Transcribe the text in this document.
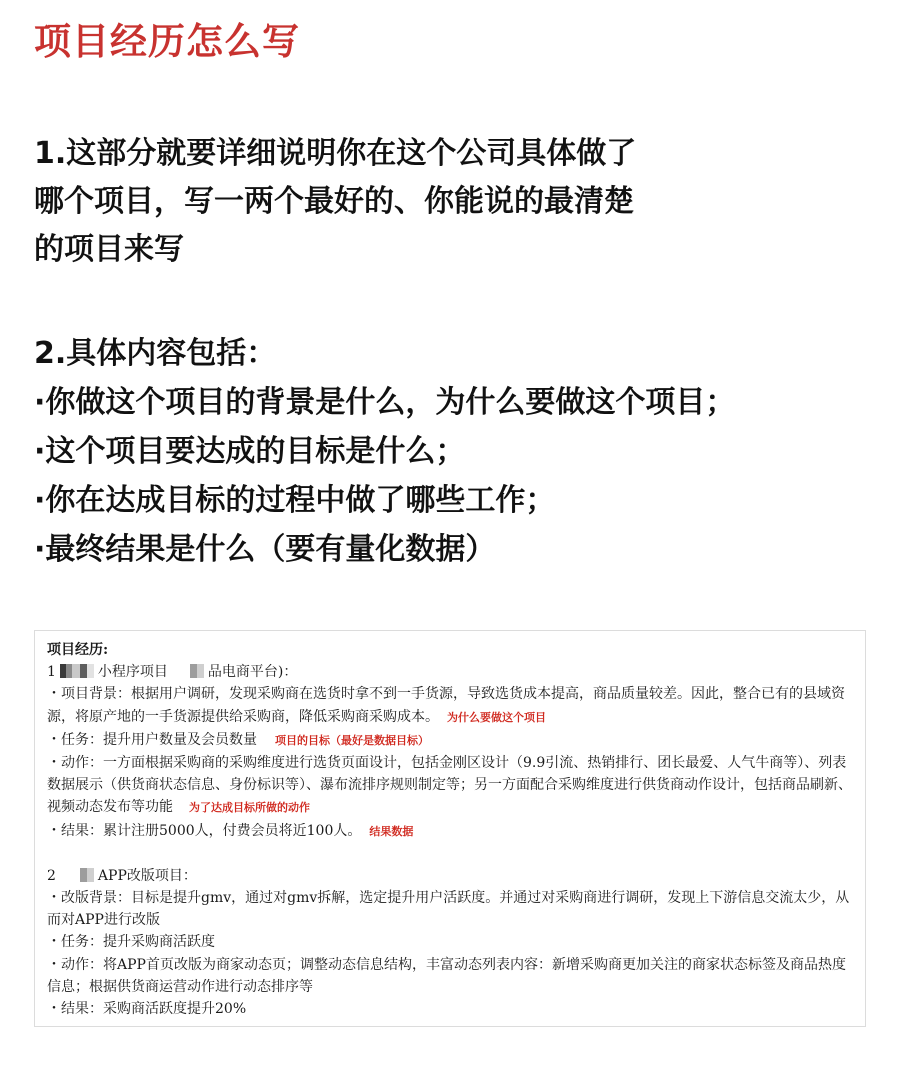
项目经历怎么写
1.这部分就要详细说明你在这个公司具体做了
哪个项目，写一两个最好的、你能说的最清楚
的项目来写
2.具体内容包括：
·你做这个项目的背景是什么，为什么要做这个项目；
·这个项目要达成的目标是什么；
·你在达成目标的过程中做了哪些工作；
·最终结果是什么（要有量化数据）

项目经历:

1	小程序项目	品电商平台)：

・项目背景：根据用户调研，发现采购商在选货时拿不到一手货源，导致选货成本提高，商品质量较差。因此，整合已有的县域资源，将原产地的一手货源提供给采购商，降低采购商采购成本。 为什么要做这个项目

・任务：提升用户数量及会员数量 项目的目标（最好是数据目标）

・动作：一方面根据采购商的采购维度进行选货页面设计，包括金刚区设计（9.9引流、热销排行、团长最爱、人气牛商等）、列表数据展示（供货商状态信息、身份标识等）、瀑布流排序规则制定等；另一方面配合采购维度进行供货商动作设计，包括商品刷新、视频动态发布等功能 为了达成目标所做的动作

・结果：累计注册5000人，付费会员将近100人。 结果数据

2	APP改版项目：

・改版背景：目标是提升gmv，通过对gmv拆解，选定提升用户活跃度。并通过对采购商进行调研，发现上下游信息交流太少，从而对APP进行改版

・任务：提升采购商活跃度

・动作：将APP首页改版为商家动态页；调整动态信息结构，丰富动态列表内容：新增采购商更加关注的商家状态标签及商品热度信息；根据供货商运营动作进行动态排序等

・结果：采购商活跃度提升20%
